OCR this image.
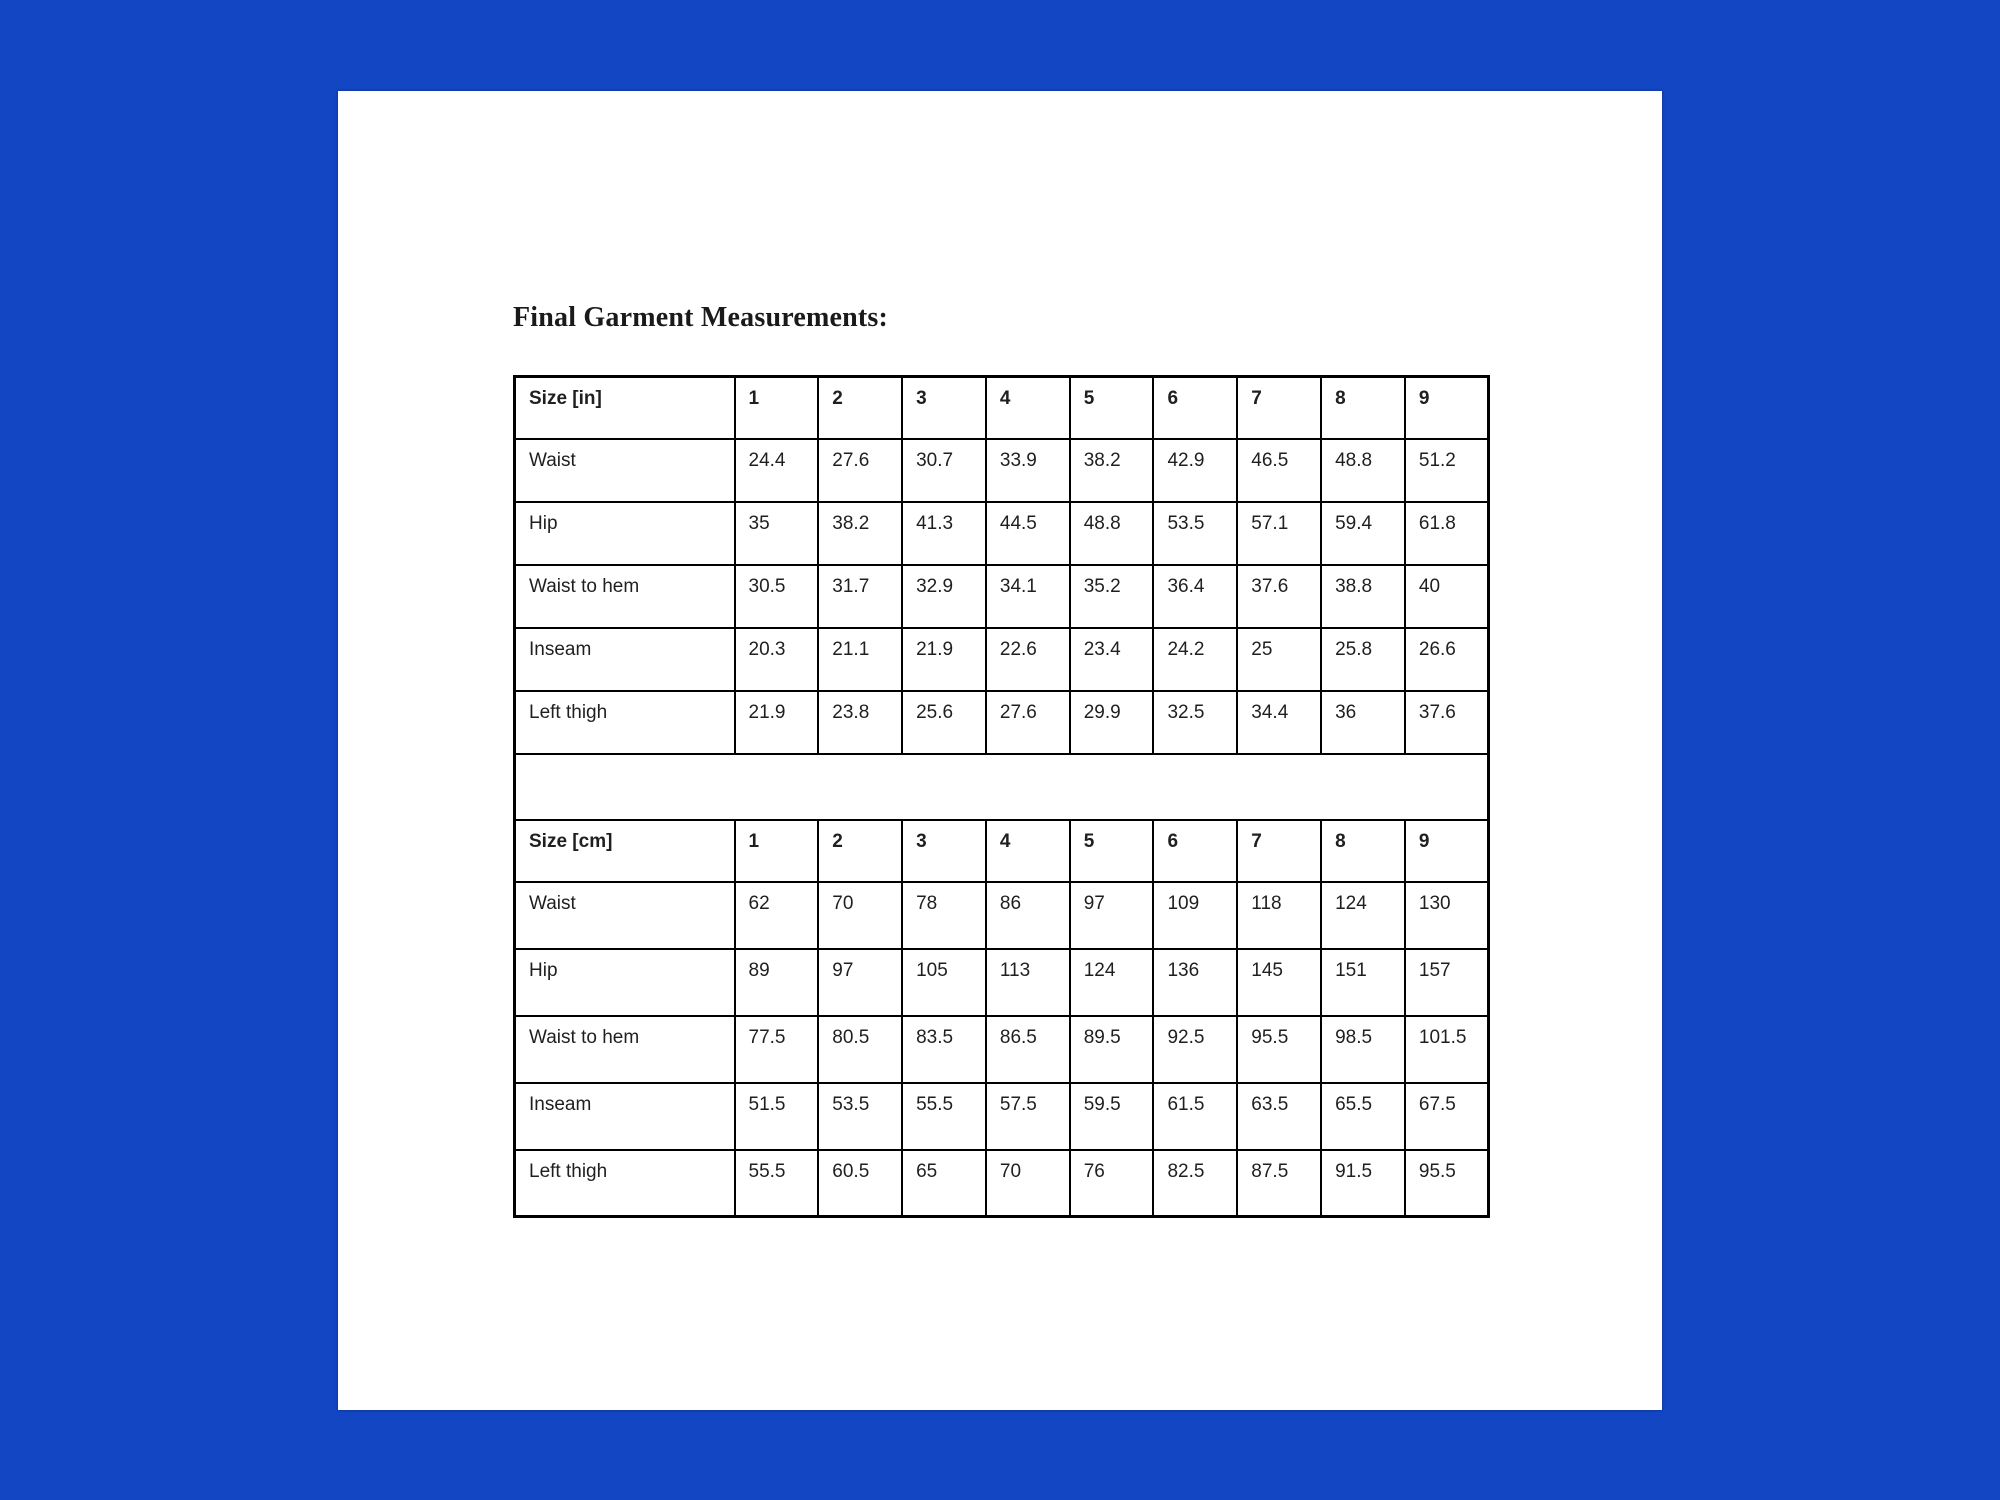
Final Garment Measurements:
Size [in]	1	2	3	4	5	6	7	8	9
Waist	24.4	27.6	30.7	33.9	38.2	42.9	46.5	48.8	51.2
Hip	35	38.2	41.3	44.5	48.8	53.5	57.1	59.4	61.8
Waist to hem	30.5	31.7	32.9	34.1	35.2	36.4	37.6	38.8	40
Inseam	20.3	21.1	21.9	22.6	23.4	24.2	25	25.8	26.6
Left thigh	21.9	23.8	25.6	27.6	29.9	32.5	34.4	36	37.6

Size [cm]	1	2	3	4	5	6	7	8	9
Waist	62	70	78	86	97	109	118	124	130
Hip	89	97	105	113	124	136	145	151	157
Waist to hem	77.5	80.5	83.5	86.5	89.5	92.5	95.5	98.5	101.5
Inseam	51.5	53.5	55.5	57.5	59.5	61.5	63.5	65.5	67.5
Left thigh	55.5	60.5	65	70	76	82.5	87.5	91.5	95.5
